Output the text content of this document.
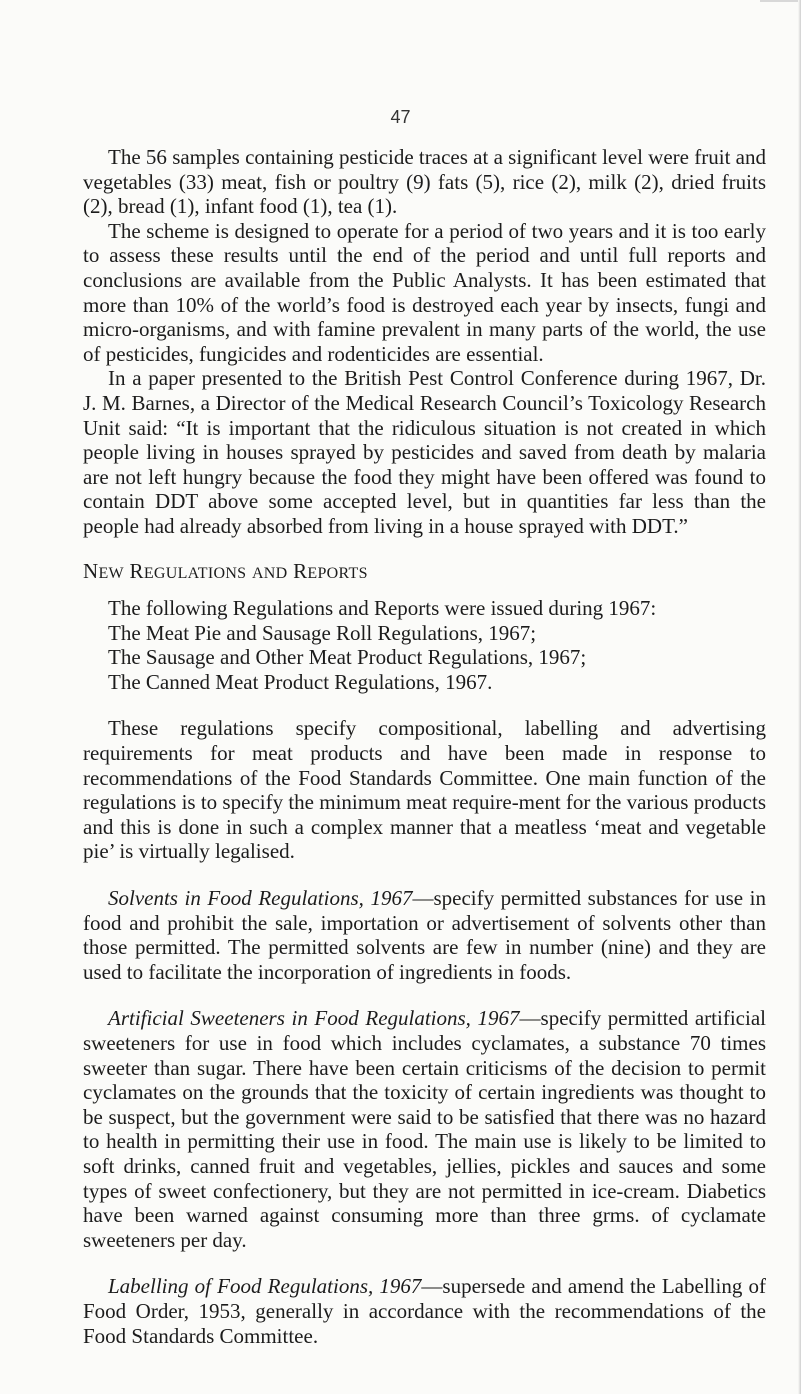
47

The 56 samples containing pesticide traces at a significant level were fruit and vegetables (33) meat, fish or poultry (9) fats (5), rice (2), milk (2), dried fruits (2), bread (1), infant food (1), tea (1).

The scheme is designed to operate for a period of two years and it is too early to assess these results until the end of the period and until full reports and conclusions are available from the Public Analysts. It has been estimated that more than 10% of the world’s food is destroyed each year by insects, fungi and micro-organisms, and with famine prevalent in many parts of the world, the use of pesticides, fungicides and rodenticides are essential.

In a paper presented to the British Pest Control Conference during 1967, Dr. J. M. Barnes, a Director of the Medical Research Council’s Toxicology Research Unit said: “It is important that the ridiculous situation is not created in which people living in houses sprayed by pesticides and saved from death by malaria are not left hungry because the food they might have been offered was found to contain DDT above some accepted level, but in quantities far less than the people had already absorbed from living in a house sprayed with DDT.”

NEW REGULATIONS AND REPORTS

The following Regulations and Reports were issued during 1967:

The Meat Pie and Sausage Roll Regulations, 1967;
The Sausage and Other Meat Product Regulations, 1967;
The Canned Meat Product Regulations, 1967.

These regulations specify compositional, labelling and advertising requirements for meat products and have been made in response to recommendations of the Food Standards Committee. One main function of the regulations is to specify the minimum meat require-ment for the various products and this is done in such a complex manner that a meatless ‘meat and vegetable pie’ is virtually legalised.

Solvents in Food Regulations, 1967—specify permitted substances for use in food and prohibit the sale, importation or advertisement of solvents other than those permitted. The permitted solvents are few in number (nine) and they are used to facilitate the incorporation of ingredients in foods.

Artificial Sweeteners in Food Regulations, 1967—specify permitted artificial sweeteners for use in food which includes cyclamates, a substance 70 times sweeter than sugar. There have been certain criticisms of the decision to permit cyclamates on the grounds that the toxicity of certain ingredients was thought to be suspect, but the government were said to be satisfied that there was no hazard to health in permitting their use in food. The main use is likely to be limited to soft drinks, canned fruit and vegetables, jellies, pickles and sauces and some types of sweet confectionery, but they are not permitted in ice-cream. Diabetics have been warned against consuming more than three grms. of cyclamate sweeteners per day.

Labelling of Food Regulations, 1967—supersede and amend the Labelling of Food Order, 1953, generally in accordance with the recommendations of the Food Standards Committee.
